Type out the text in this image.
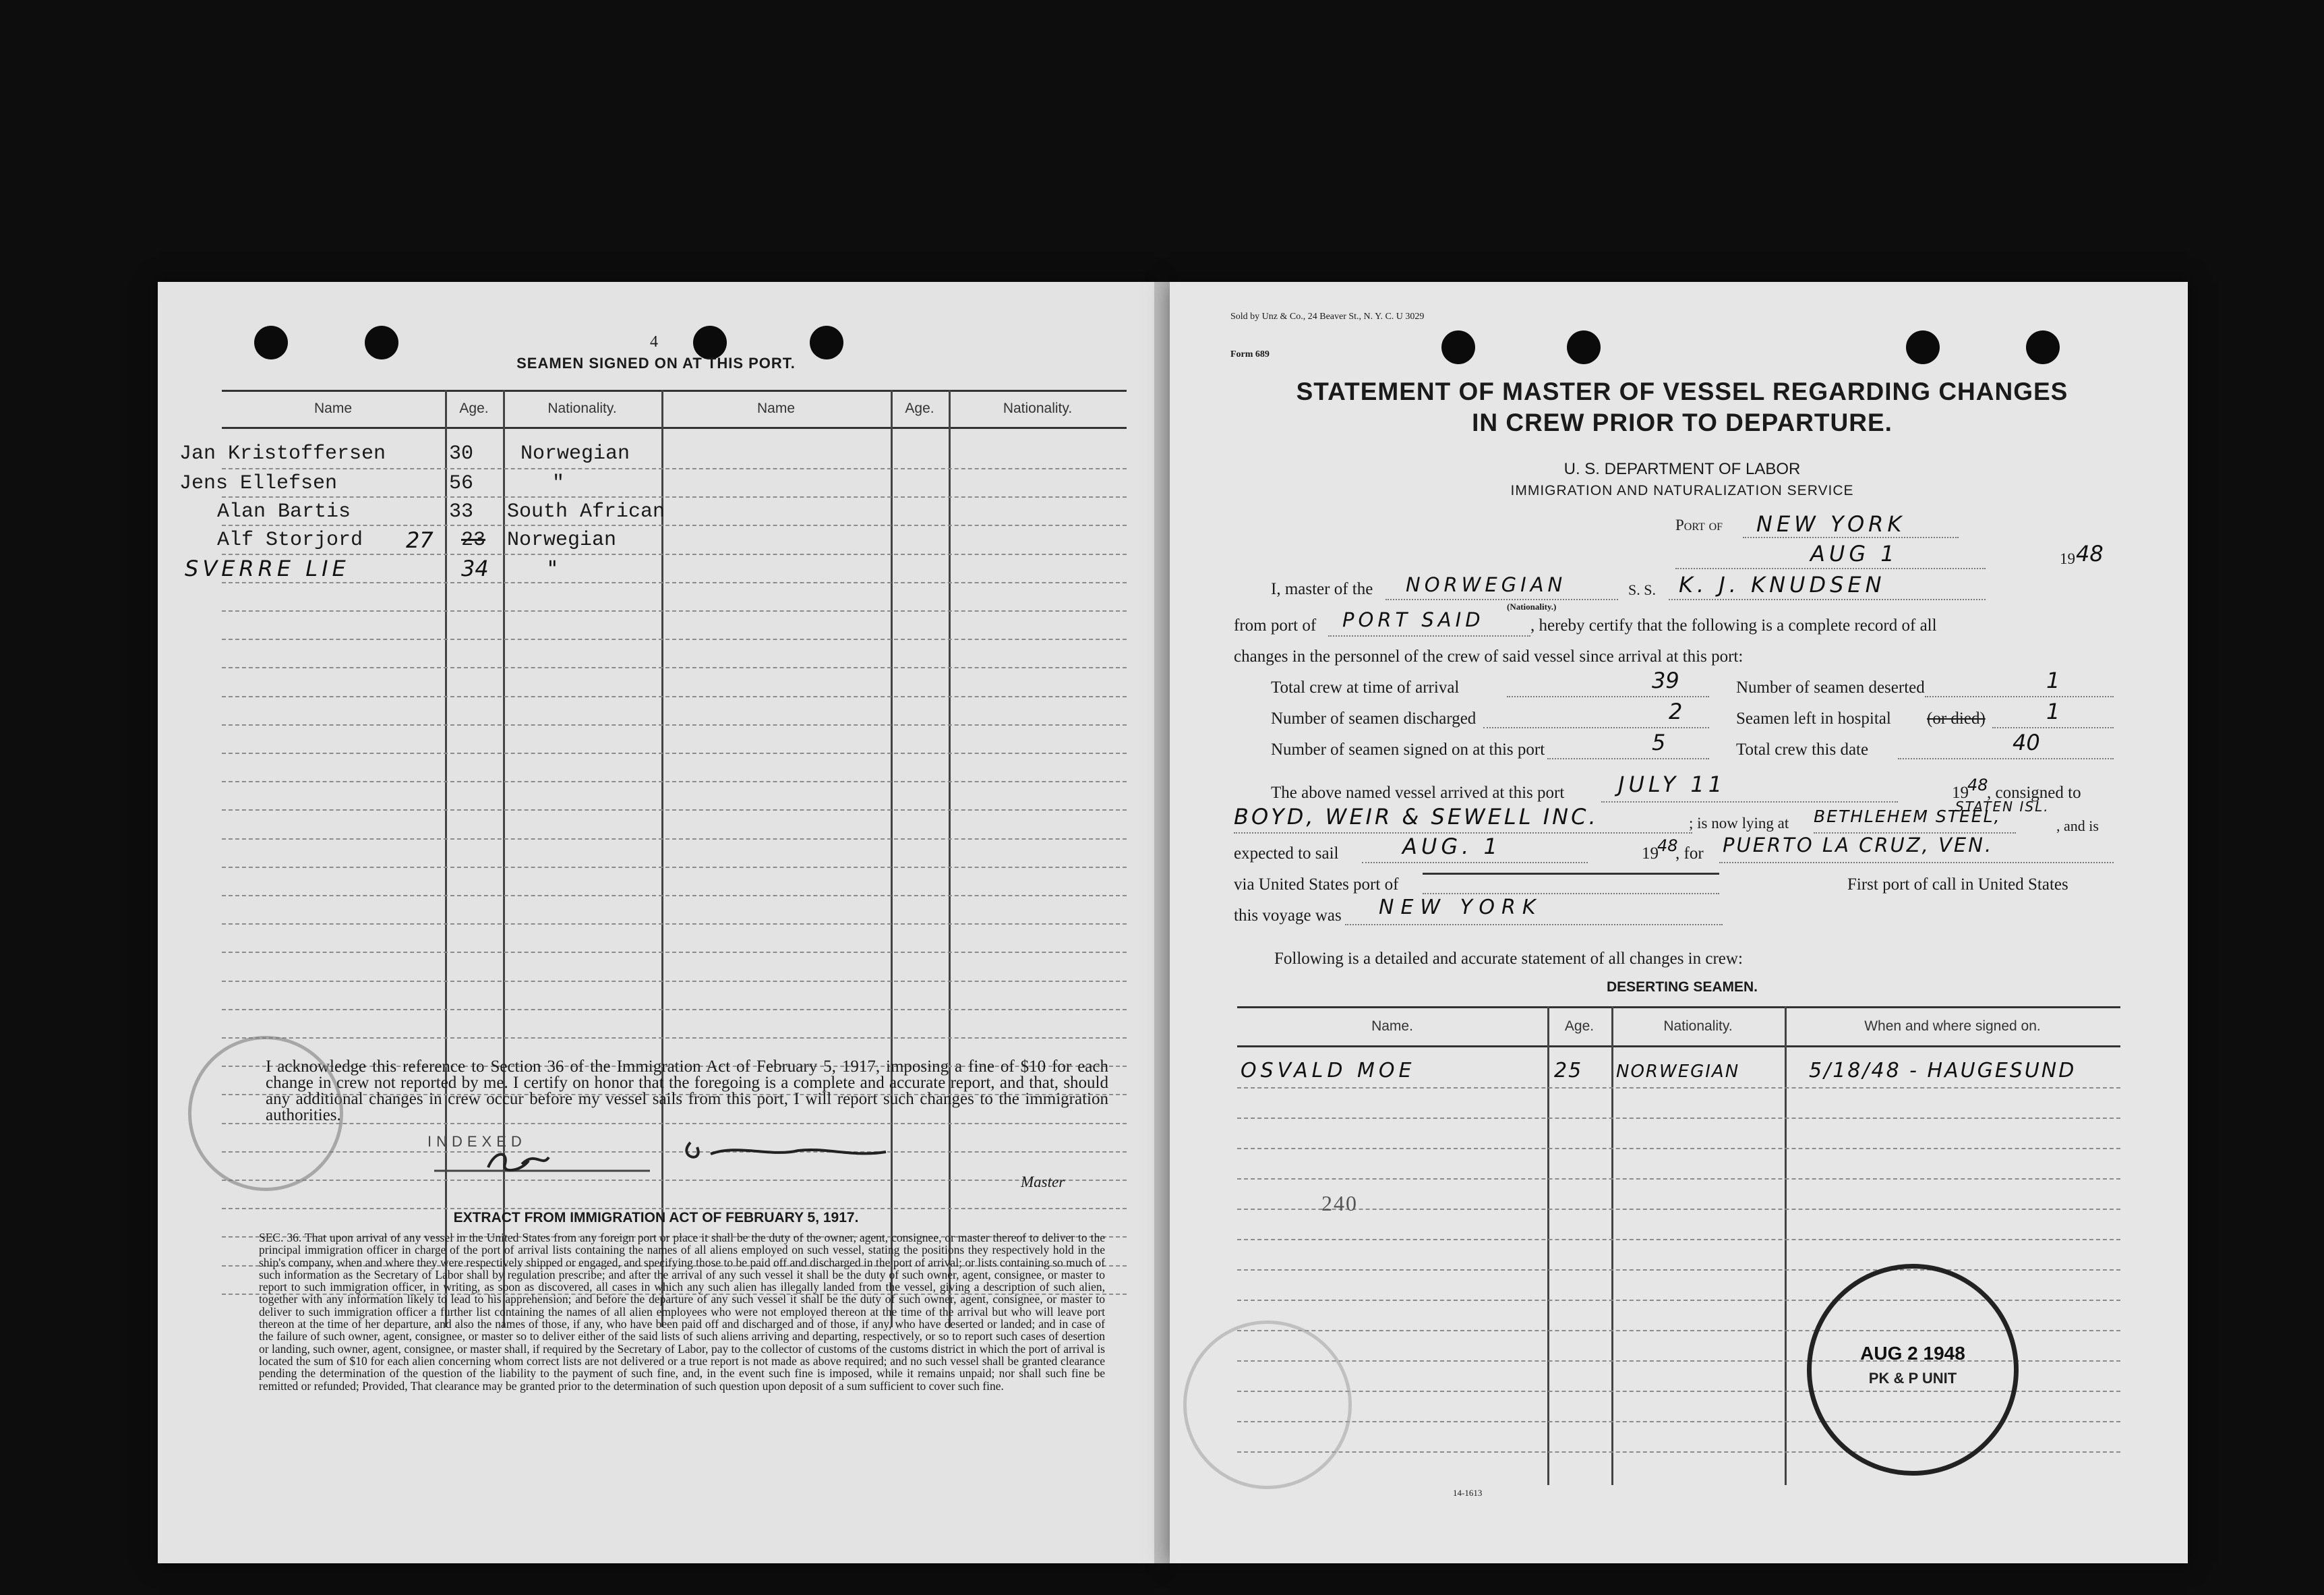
4
SEAMEN SIGNED ON AT THIS PORT.
Name	Age.	Nationality.	Name	Age.	Nationality.
Jan Kristoffersen	30 Norwegian
Jens Ellefsen	56	"
Alan Bartis	33 South African
Alf Storjord 27 23 Norwegian
SVERRE LIE	34	"
I acknowledge this reference to Section 36 of the Immigration Act of February 5, 1917, imposing a fine of $10 for each change in crew not reported by me. I certify on honor that the foregoing is a complete and accurate report, and that, should any additional changes in crew occur before my vessel sails from this port, I will report such changes to the immigration authorities.
INDEXED
Master
EXTRACT FROM IMMIGRATION ACT OF FEBRUARY 5, 1917.
SEC. 36. That upon arrival of any vessel in the United States from any foreign port or place it shall be the duty of the owner, agent, consignee, or master thereof to deliver to the principal immigration officer in charge of the port of arrival lists containing the names of all aliens employed on such vessel, stating the positions they respectively hold in the ship's company, when and where they were respectively shipped or engaged, and specifying those to be paid off and discharged in the port of arrival; or lists containing so much of such information as the Secretary of Labor shall by regulation prescribe; and after the arrival of any such vessel it shall be the duty of such owner, agent, consignee, or master to report to such immigration officer, in writing, as soon as discovered, all cases in which any such alien has illegally landed from the vessel, giving a description of such alien, together with any information likely to lead to his apprehension; and before the departure of any such vessel it shall be the duty of such owner, agent, consignee, or master to deliver to such immigration officer a further list containing the names of all alien employees who were not employed thereon at the time of the arrival but who will leave port thereon at the time of her departure, and also the names of those, if any, who have been paid off and discharged and of those, if any, who have deserted or landed; and in case of the failure of such owner, agent, consignee, or master so to deliver either of the said lists of such aliens arriving and departing, respectively, or so to report such cases of desertion or landing, such owner, agent, consignee, or master shall, if required by the Secretary of Labor, pay to the collector of customs of the customs district in which the port of arrival is located the sum of $10 for each alien concerning whom correct lists are not delivered or a true report is not made as above required; and no such vessel shall be granted clearance pending the determination of the question of the liability to the payment of such fine, and, in the event such fine is imposed, while it remains unpaid; nor shall such fine be remitted or refunded; Provided, That clearance may be granted prior to the determination of such question upon deposit of a sum sufficient to cover such fine.
Sold by Unz & Co., 24 Beaver St., N. Y. C. U 3029
Form 689
STATEMENT OF MASTER OF VESSEL REGARDING CHANGES
IN CREW PRIOR TO DEPARTURE.
U. S. DEPARTMENT OF LABOR
IMMIGRATION AND NATURALIZATION SERVICE
Port of NEW YORK
AUG 1	19 48
I, master of the NORWEGIAN
(Nationality.)
S. S. K. J. KNUDSEN
from port of PORT SAID	, hereby certify that the following is a complete record of all
changes in the personnel of the crew of said vessel since arrival at this port:
Total crew at time of arrival	39	Number of seamen deserted	1
Number of seamen discharged	2	Seamen left in hospital (or died)	1
Number of seamen signed on at this port	5	Total crew this date	40
The above named vessel arrived at this port JULY 11	19
48
, consigned to
BOYD, WEIR & SEWELL INC.	; is now lying at BETHLEHEM STEEL,
STATEN ISL.
, and is
expected to sail	AUG. 1	19
48
, for PUERTO LA CRUZ, VEN.
via United States port of	First port of call in United States
this voyage was NEW YORK
Following is a detailed and accurate statement of all changes in crew:
DESERTING SEAMEN.
Name.	Age.	Nationality.	When and where signed on.
OSVALD MOE	25 NORWEGIAN	5/18/48 - HAUGESUND
240
AUG 2 1948
PK & P UNIT
14-1613
